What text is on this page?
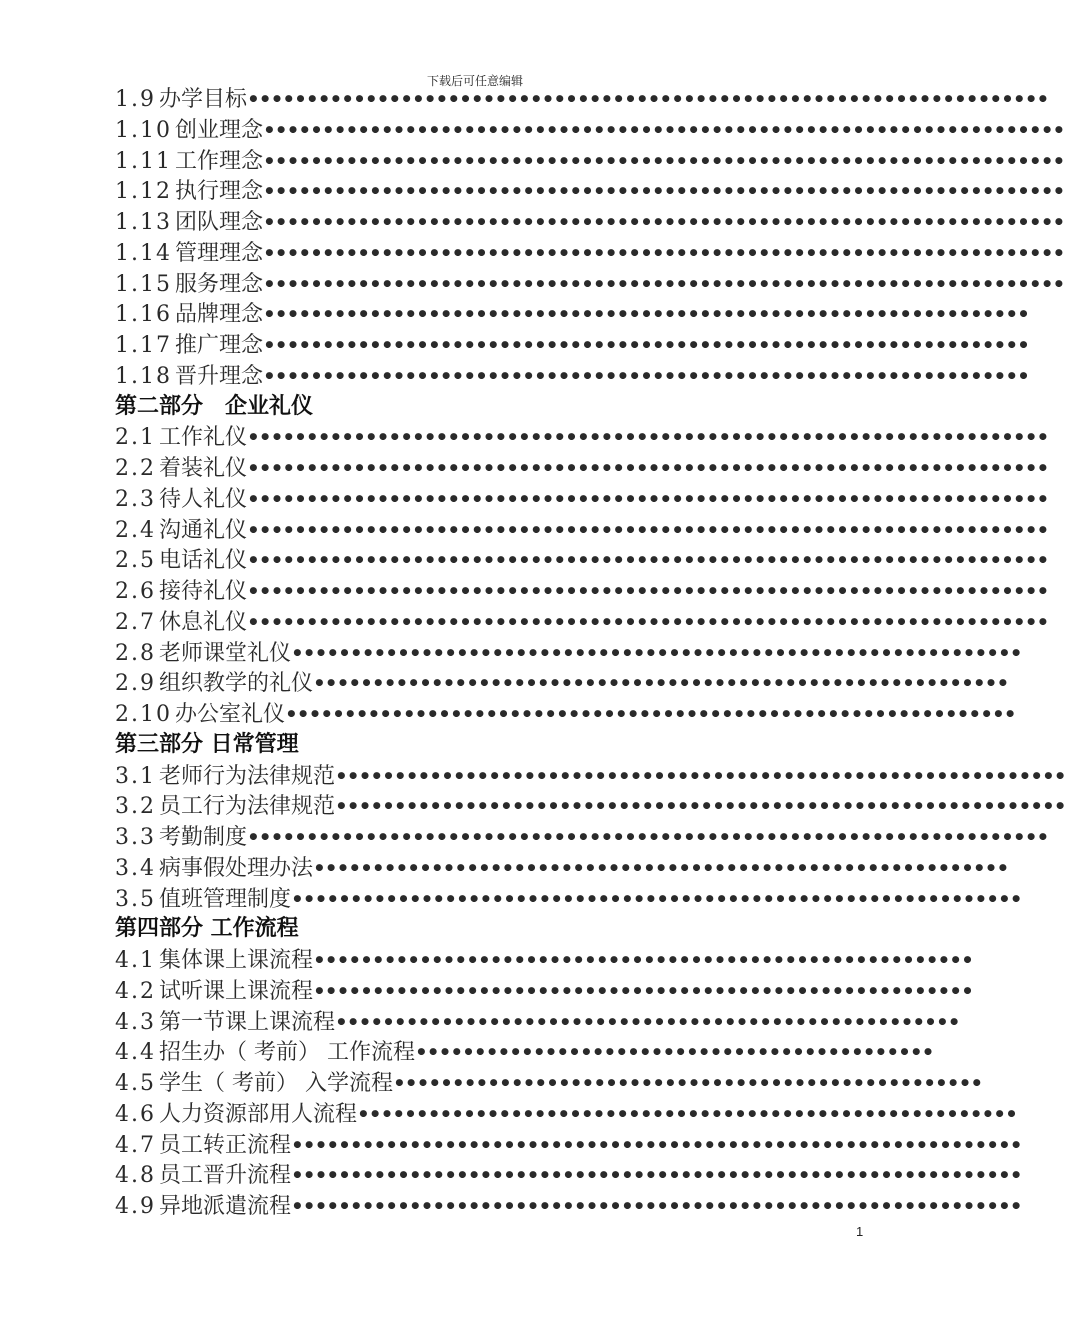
下载后可任意编辑
1.9 办学目标••••••••••••••••••••••••••••••••••••••••••••••••••••••••••••••••••••
1.10 创业理念••••••••••••••••••••••••••••••••••••••••••••••••••••••••••••••••••••
1.11 工作理念••••••••••••••••••••••••••••••••••••••••••••••••••••••••••••••••••••
1.12 执行理念••••••••••••••••••••••••••••••••••••••••••••••••••••••••••••••••••••
1.13 团队理念••••••••••••••••••••••••••••••••••••••••••••••••••••••••••••••••••••
1.14 管理理念••••••••••••••••••••••••••••••••••••••••••••••••••••••••••••••••••••
1.15 服务理念••••••••••••••••••••••••••••••••••••••••••••••••••••••••••••••••••••
1.16 品牌理念•••••••••••••••••••••••••••••••••••••••••••••••••••••••••••••••••
1.17 推广理念•••••••••••••••••••••••••••••••••••••••••••••••••••••••••••••••••
1.18 晋升理念•••••••••••••••••••••••••••••••••••••••••••••••••••••••••••••••••
第二部分　企业礼仪
2.1 工作礼仪••••••••••••••••••••••••••••••••••••••••••••••••••••••••••••••••••••
2.2 着装礼仪••••••••••••••••••••••••••••••••••••••••••••••••••••••••••••••••••••
2.3 待人礼仪••••••••••••••••••••••••••••••••••••••••••••••••••••••••••••••••••••
2.4 沟通礼仪••••••••••••••••••••••••••••••••••••••••••••••••••••••••••••••••••••
2.5 电话礼仪••••••••••••••••••••••••••••••••••••••••••••••••••••••••••••••••••••
2.6 接待礼仪••••••••••••••••••••••••••••••••••••••••••••••••••••••••••••••••••••
2.7 休息礼仪••••••••••••••••••••••••••••••••••••••••••••••••••••••••••••••••••••
2.8 老师课堂礼仪••••••••••••••••••••••••••••••••••••••••••••••••••••••••••••••
2.9 组织教学的礼仪•••••••••••••••••••••••••••••••••••••••••••••••••••••••••••
2.10 办公室礼仪••••••••••••••••••••••••••••••••••••••••••••••••••••••••••••••
第三部分 日常管理
3.1 老师行为法律规范••••••••••••••••••••••••••••••••••••••••••••••••••••••••••••••
3.2 员工行为法律规范••••••••••••••••••••••••••••••••••••••••••••••••••••••••••••••
3.3 考勤制度••••••••••••••••••••••••••••••••••••••••••••••••••••••••••••••••••••
3.4 病事假处理办法•••••••••••••••••••••••••••••••••••••••••••••••••••••••••••
3.5 值班管理制度••••••••••••••••••••••••••••••••••••••••••••••••••••••••••••••
第四部分 工作流程
4.1 集体课上课流程••••••••••••••••••••••••••••••••••••••••••••••••••••••••
4.2 试听课上课流程••••••••••••••••••••••••••••••••••••••••••••••••••••••••
4.3 第一节课上课流程•••••••••••••••••••••••••••••••••••••••••••••••••••••
4.4 招生办（ 考前） 工作流程••••••••••••••••••••••••••••••••••••••••••••
4.5 学生（ 考前） 入学流程••••••••••••••••••••••••••••••••••••••••••••••••••
4.6 人力资源部用人流程••••••••••••••••••••••••••••••••••••••••••••••••••••••••
4.7 员工转正流程••••••••••••••••••••••••••••••••••••••••••••••••••••••••••••••
4.8 员工晋升流程••••••••••••••••••••••••••••••••••••••••••••••••••••••••••••••
4.9 异地派遣流程••••••••••••••••••••••••••••••••••••••••••••••••••••••••••••••
1
